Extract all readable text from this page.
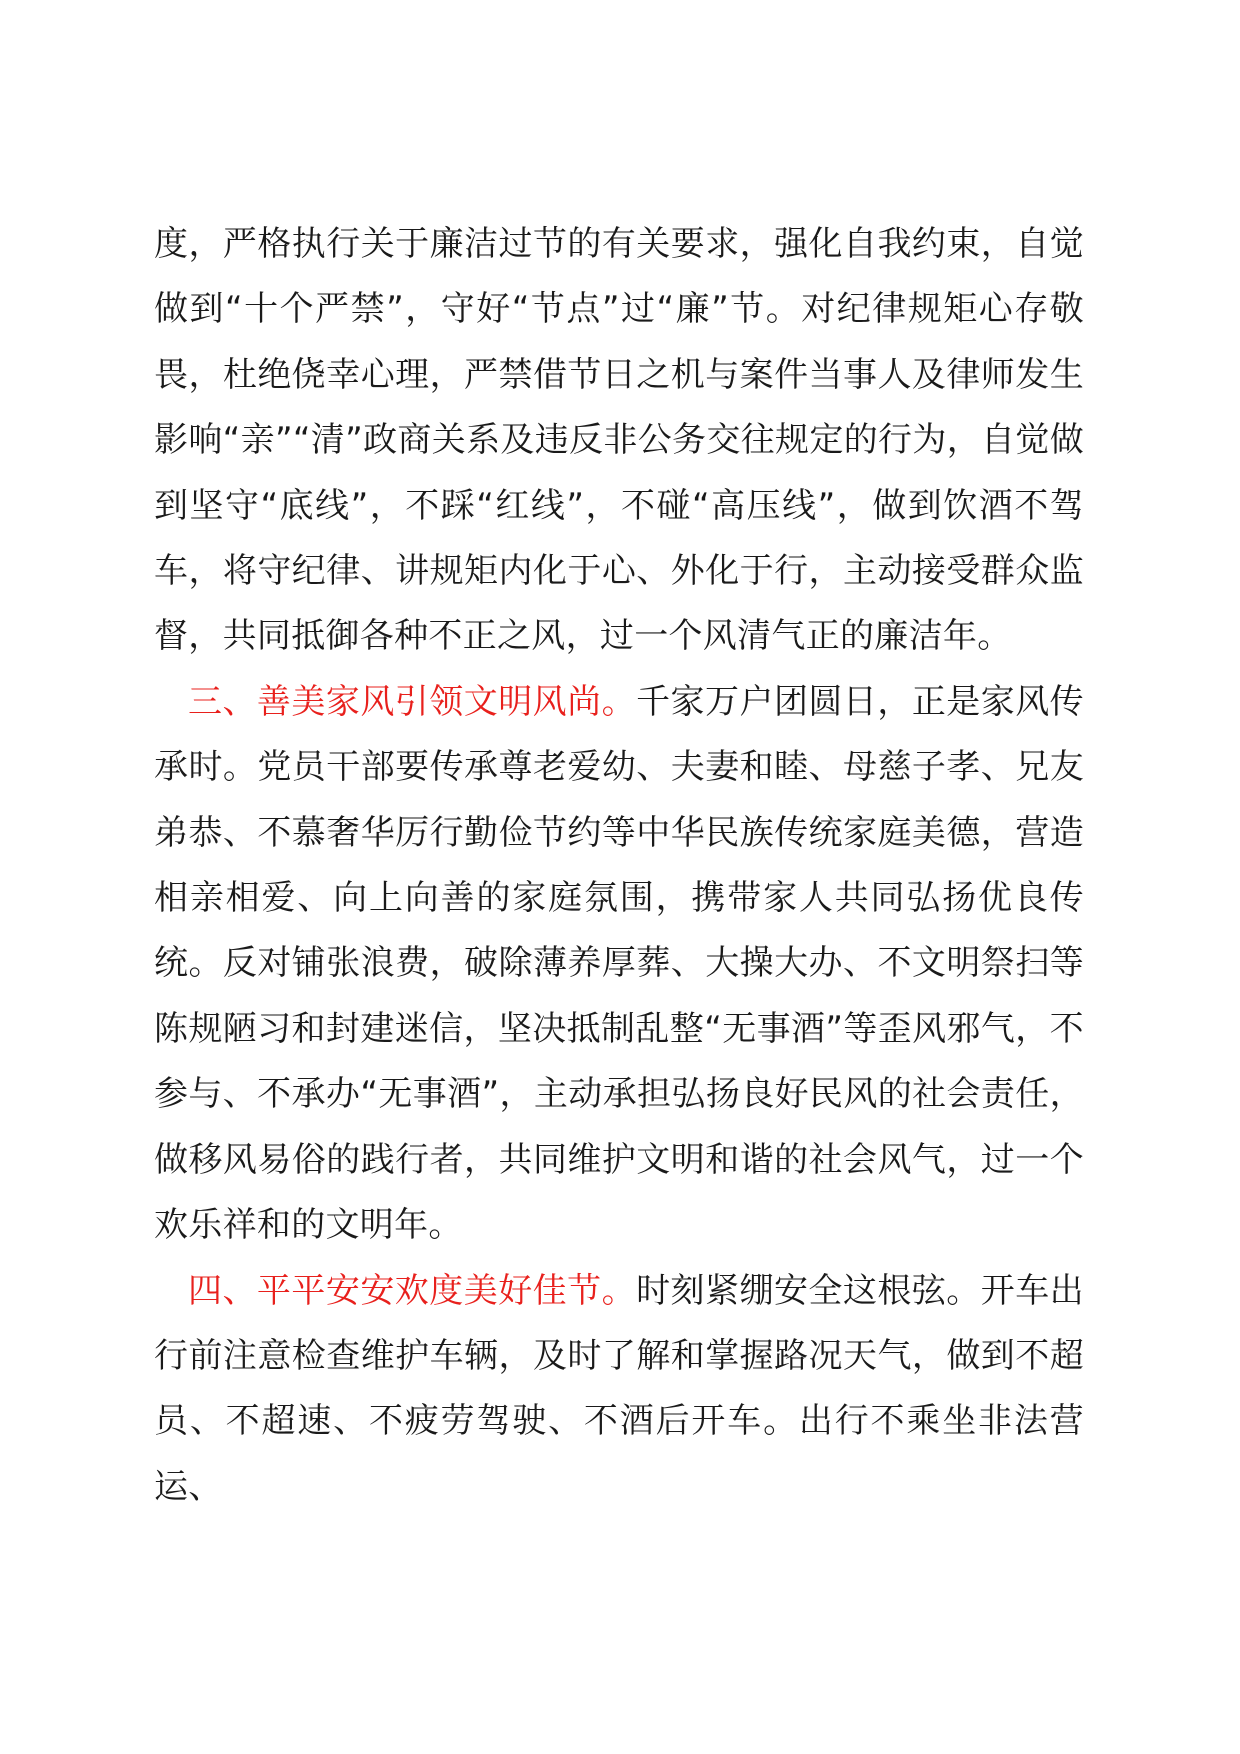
度，严格执行关于廉洁过节的有关要求，强化自我约束，自觉做到“十个严禁”，守好“节点”过“廉”节。对纪律规矩心存敬畏，杜绝侥幸心理，严禁借节日之机与案件当事人及律师发生影响“亲”“清”政商关系及违反非公务交往规定的行为，自觉做到坚守“底线”，不踩“红线”，不碰“高压线”，做到饮酒不驾车，将守纪律、讲规矩内化于心、外化于行，主动接受群众监督，共同抵御各种不正之风，过一个风清气正的廉洁年。

三、善美家风引领文明风尚。千家万户团圆日，正是家风传承时。党员干部要传承尊老爱幼、夫妻和睦、母慈子孝、兄友弟恭、不慕奢华厉行勤俭节约等中华民族传统家庭美德，营造相亲相爱、向上向善的家庭氛围，携带家人共同弘扬优良传统。反对铺张浪费，破除薄养厚葬、大操大办、不文明祭扫等陈规陋习和封建迷信，坚决抵制乱整“无事酒”等歪风邪气，不参与、不承办“无事酒”，主动承担弘扬良好民风的社会责任，做移风易俗的践行者，共同维护文明和谐的社会风气，过一个欢乐祥和的文明年。

四、平平安安欢度美好佳节。时刻紧绷安全这根弦。开车出行前注意检查维护车辆，及时了解和掌握路况天气，做到不超员、不超速、不疲劳驾驶、不酒后开车。出行不乘坐非法营运、
